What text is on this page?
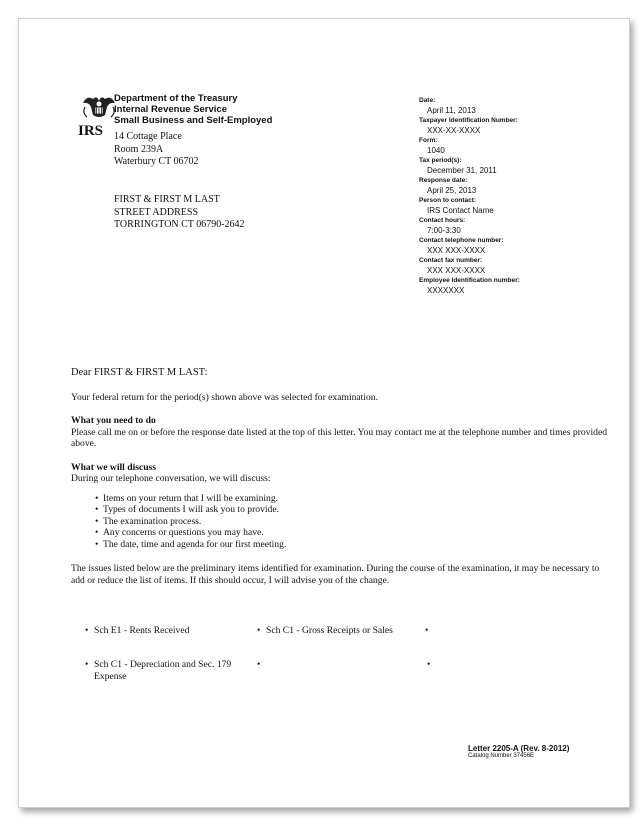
IRS
Department of the Treasury
Internal Revenue Service
Small Business and Self-Employed
14 Cottage Place
Room 239A
Waterbury CT 06702
FIRST & FIRST M LAST
STREET ADDRESS
TORRINGTON CT 06790-2642
Date:
April 11, 2013
Taxpayer Identification Number:
XXX-XX-XXXX
Form:
1040
Tax period(s):
December 31, 2011
Response date:
April 25, 2013
Person to contact:
IRS Contact Name
Contact hours:
7:00-3:30
Contact telephone number:
XXX XXX-XXXX
Contact fax number:
XXX XXX-XXXX
Employee Identification number:
XXXXXXX

Dear FIRST & FIRST M LAST:

Your federal return for the period(s) shown above was selected for examination.

What you need to do

Please call me on or before the response date listed at the top of this letter. You may contact me at the telephone number and times provided above.

What we will discuss

During our telephone conversation, we will discuss:

• Items on your return that I will be examining.
• Types of documents I will ask you to provide.
• The examination process.
• Any concerns or questions you may have.
• The date, time and agenda for our first meeting.

The issues listed below are the preliminary items identified for examination. During the course of the examination, it may be necessary to add or reduce the list of items. If this should occur, I will advise you of the change.

• Sch E1 - Rents Received
•	Sch C1 - Gross Receipts or Sales
• Sch C1 - Depreciation and Sec. 179 Expense
Letter 2205-A (Rev. 8-2012)
Catalog Number 37456E
